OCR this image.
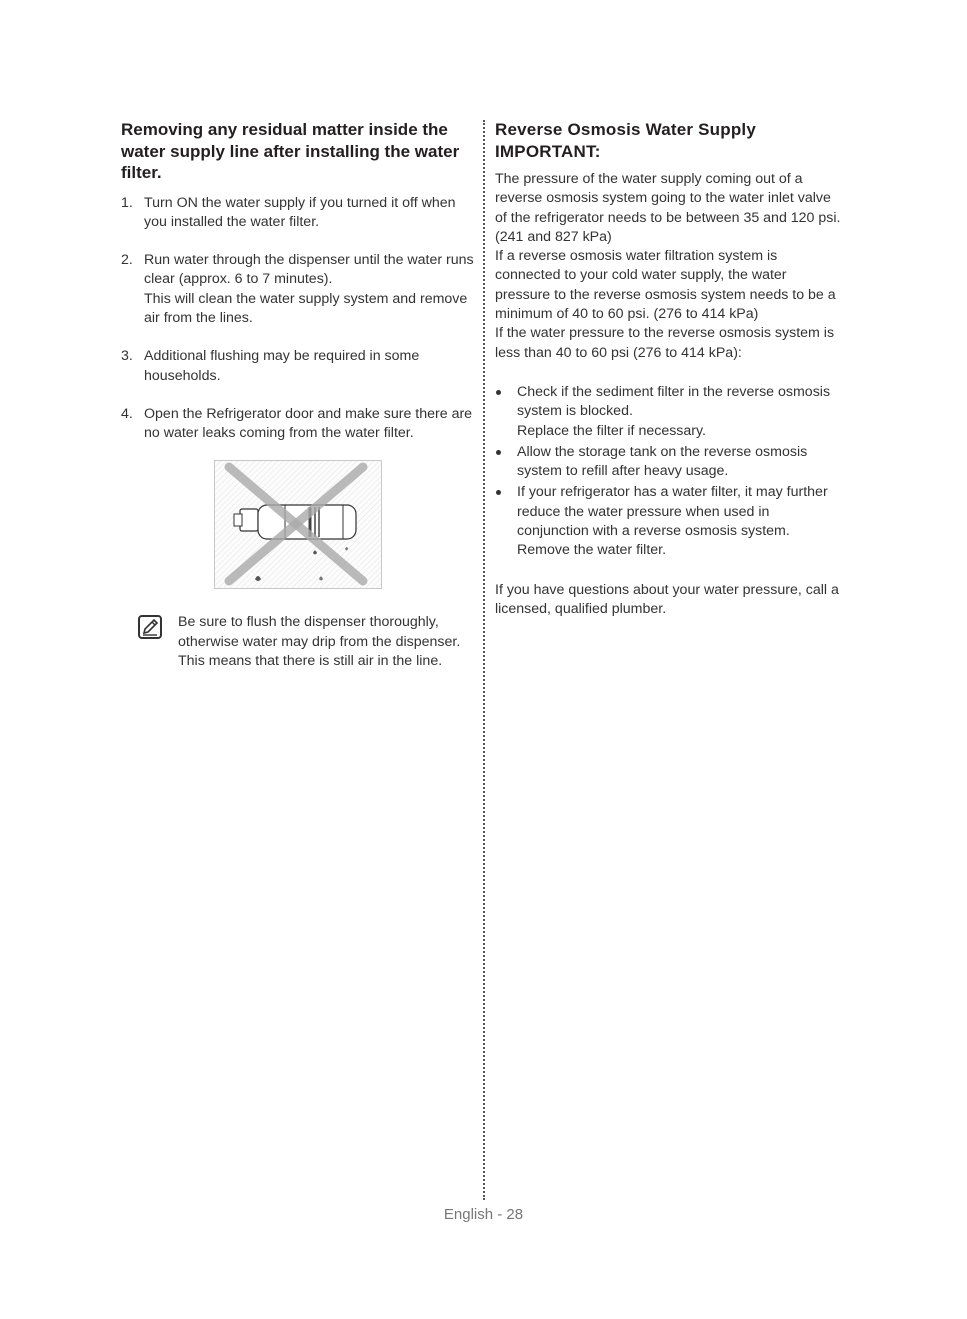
Removing any residual matter inside the water supply line after installing the water filter.
1. Turn ON the water supply if you turned it off when you installed the water filter.
2. Run water through the dispenser until the water runs clear (approx. 6 to 7 minutes).
This will clean the water supply system and remove air from the lines.
3. Additional flushing may be required in some households.
4. Open the Refrigerator door and make sure there are no water leaks coming from the water filter.

Be sure to flush the dispenser thoroughly, otherwise water may drip from the dispenser.

This means that there is still air in the line.

Reverse Osmosis Water Supply
IMPORTANT:

The pressure of the water supply coming out of a reverse osmosis system going to the water inlet valve of the refrigerator needs to be between 35 and 120 psi. (241 and 827 kPa)

If a reverse osmosis water filtration system is connected to your cold water supply, the water pressure to the reverse osmosis system needs to be a minimum of 40 to 60 psi. (276 to 414 kPa)

If the water pressure to the reverse osmosis system is less than 40 to 60 psi (276 to 414 kPa):

Check if the sediment filter in the reverse osmosis system is blocked.
Replace the filter if necessary.
Allow the storage tank on the reverse osmosis system to refill after heavy usage.
If your refrigerator has a water filter, it may further reduce the water pressure when used in conjunction with a reverse osmosis system.
Remove the water filter.

If you have questions about your water pressure, call a licensed, qualified plumber.

English - 28
